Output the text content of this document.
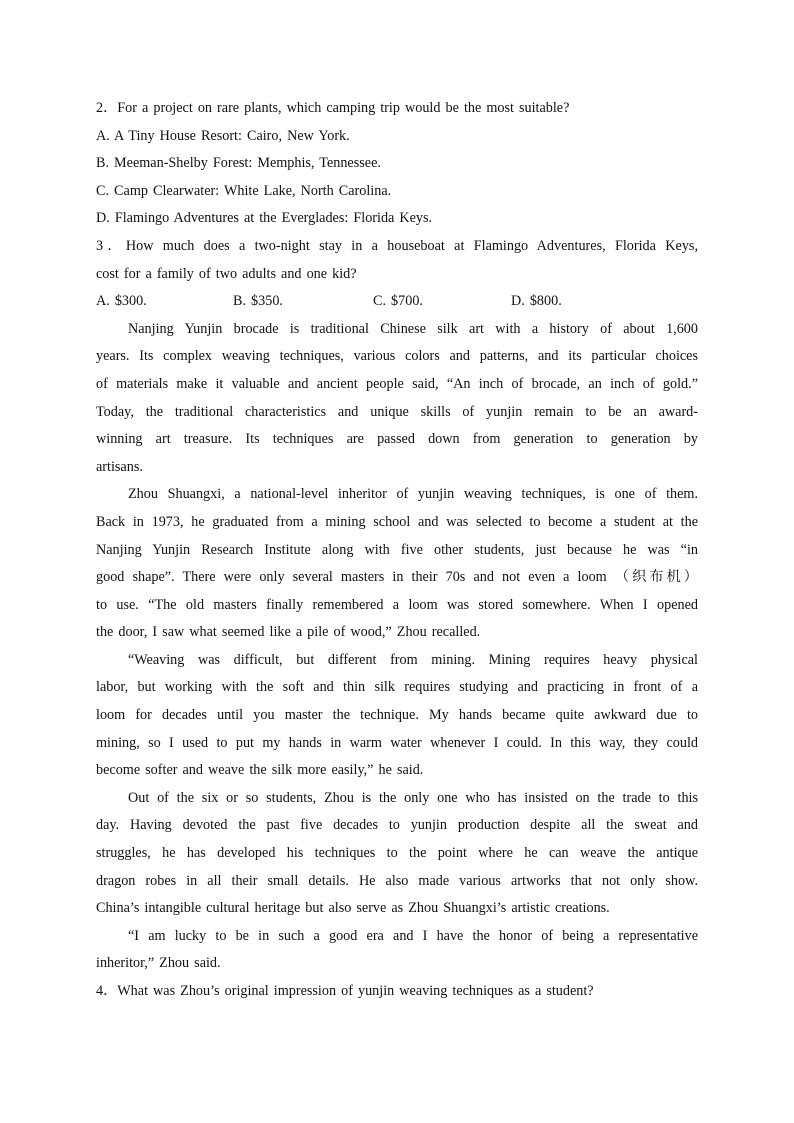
2．For a project on rare plants, which camping trip would be the most suitable?
A. A Tiny House Resort: Cairo, New York.
B. Meeman-Shelby Forest: Memphis, Tennessee.
C. Camp Clearwater: White Lake, North Carolina.
D. Flamingo Adventures at the Everglades: Florida Keys.
3．How much does a two-night stay in a houseboat at Flamingo Adventures, Florida Keys,
cost for a family of two adults and one kid?
A. $300.	B. $350.	C. $700.	D. $800.
Nanjing Yunjin brocade is traditional Chinese silk art with a history of about 1,600
years. Its complex weaving techniques, various colors and patterns, and its particular choices
of materials make it valuable and ancient people said, “An inch of brocade, an inch of gold.”
Today, the traditional characteristics and unique skills of yunjin remain to be an award-
winning art treasure. Its techniques are passed down from generation to generation by
artisans.
Zhou Shuangxi, a national-level inheritor of yunjin weaving techniques, is one of them.
Back in 1973, he graduated from a mining school and was selected to become a student at the
Nanjing Yunjin Research Institute along with five other students, just because he was “in
good shape”. There were only several masters in their 70s and not even a loom （织布机）
to use. “The old masters finally remembered a loom was stored somewhere. When I opened
the door, I saw what seemed like a pile of wood,” Zhou recalled.
“Weaving was difficult, but different from mining. Mining requires heavy physical
labor, but working with the soft and thin silk requires studying and practicing in front of a
loom for decades until you master the technique. My hands became quite awkward due to
mining, so I used to put my hands in warm water whenever I could. In this way, they could
become softer and weave the silk more easily,” he said.
Out of the six or so students, Zhou is the only one who has insisted on the trade to this
day. Having devoted the past five decades to yunjin production despite all the sweat and
struggles, he has developed his techniques to the point where he can weave the antique
dragon robes in all their small details. He also made various artworks that not only show.
China’s intangible cultural heritage but also serve as Zhou Shuangxi’s artistic creations.
“I am lucky to be in such a good era and I have the honor of being a representative
inheritor,” Zhou said.
4．What was Zhou’s original impression of yunjin weaving techniques as a student?
